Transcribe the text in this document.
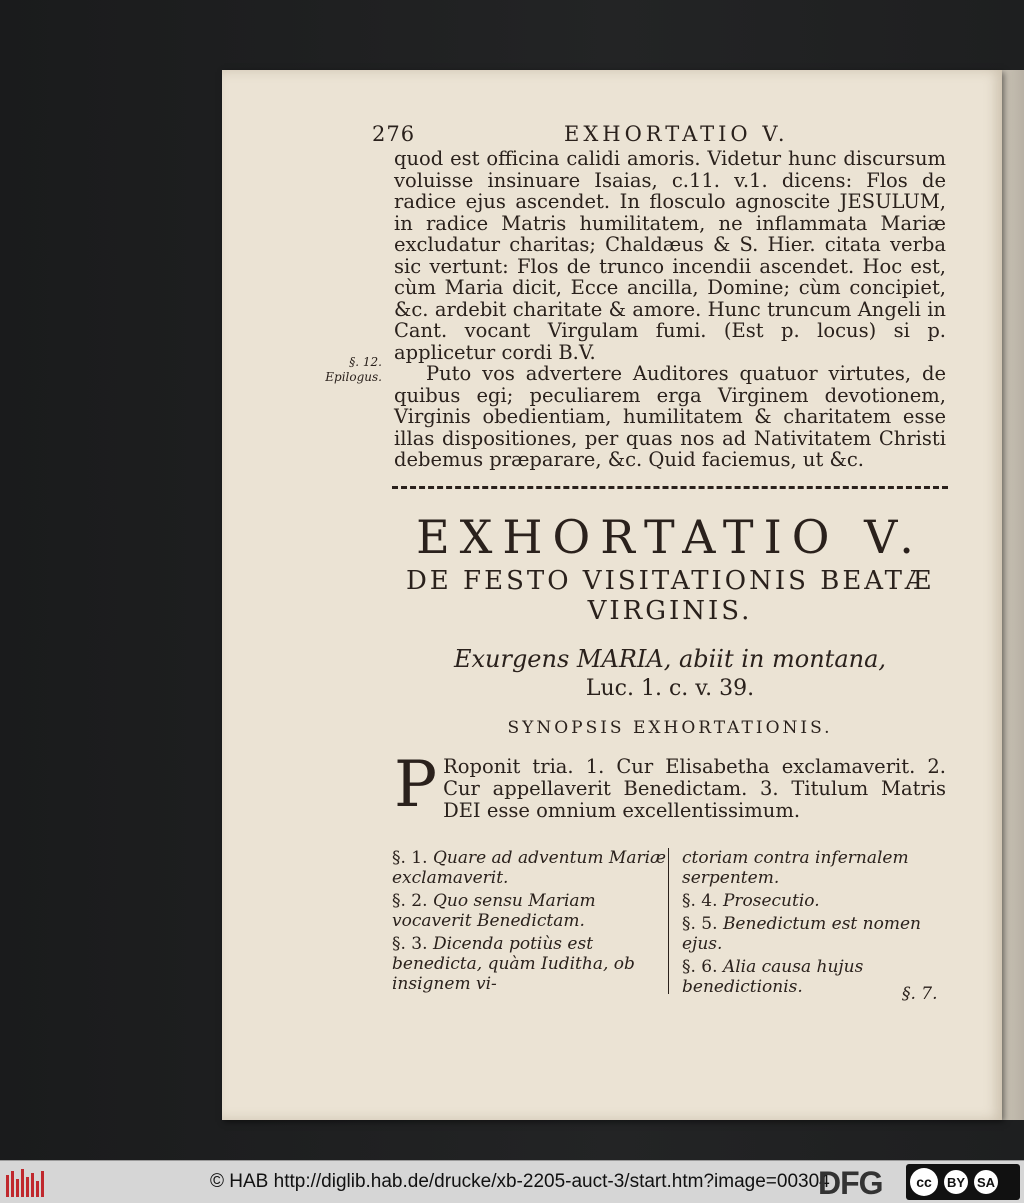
276	EXHORTATIO V.

quod est officina calidi amoris. Videtur hunc discursum voluisse insinuare Isaias, c.11. v.1. dicens: Flos de radice ejus ascendet. In flosculo agnoscite JESULUM, in radice Matris humilitatem, ne inflammata Mariæ excludatur charitas; Chaldæus & S. Hier. citata verba sic vertunt: Flos de trunco incendii ascendet. Hoc est, cùm Maria dicit, Ecce ancilla, Domine; cùm concipiet, &c. ardebit charitate & amore. Hunc truncum Angeli in Cant. vocant Virgulam fumi. (Est p. locus) si p. applicetur cordi B.V.

Puto vos advertere Auditores quatuor virtutes, de quibus egi; peculiarem erga Virginem devotionem, Virginis obedientiam, humilitatem & charitatem esse illas dispositiones, per quas nos ad Nativitatem Christi debemus præparare, &c. Quid faciemus, ut &c.

§. 12.
Epilogus.
EXHORTATIO V.
DE FESTO VISITATIONIS BEATÆ
VIRGINIS.
Exurgens MARIA, abiit in montana,
Luc. 1. c. v. 39.
SYNOPSIS EXHORTATIONIS.
P Roponit tria. 1. Cur Elisabetha exclamaverit. 2. Cur appellaverit Benedictam. 3. Titulum Matris DEI esse omnium excellentissimum.
§. 1. Quare ad adventum Mariæ exclamaverit.
§. 2. Quo sensu Mariam vocaverit Benedictam.
§. 3. Dicenda potiùs est benedicta, quàm Iuditha, ob insignem vi-
ctoriam contra infernalem serpentem.
§. 4. Prosecutio.
§. 5. Benedictum est nomen ejus.
§. 6. Alia causa hujus benedictionis.	§. 7.
© HAB http://diglib.hab.de/drucke/xb-2205-auct-3/start.htm?image=00304
DFG	cc	BY SA
